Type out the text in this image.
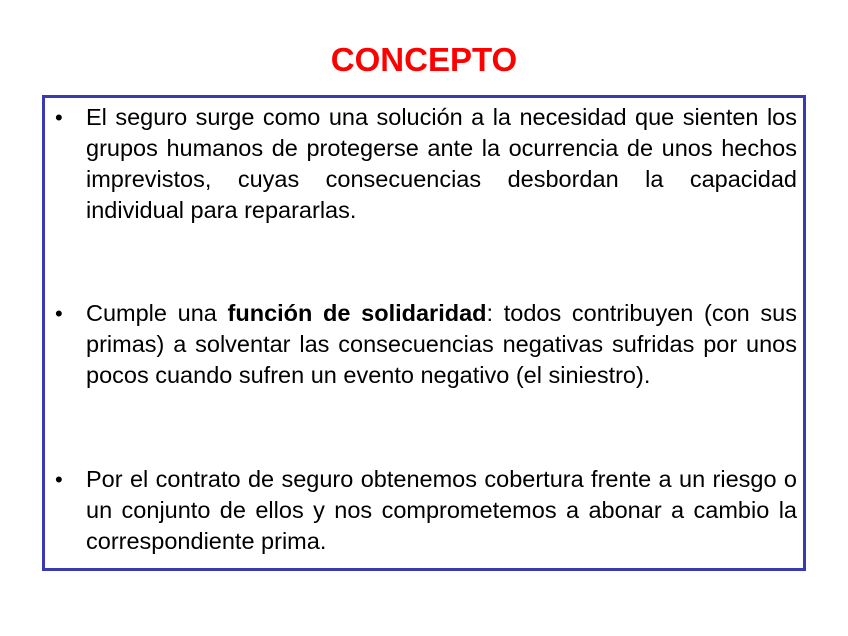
CONCEPTO
• El seguro surge como una solución a la necesidad que sienten los grupos humanos de protegerse ante la ocurrencia de unos hechos imprevistos, cuyas consecuencias desbordan la capacidad individual para repararlas.
• Cumple una función de solidaridad: todos contribuyen (con sus primas) a solventar las consecuencias negativas sufridas por unos pocos cuando sufren un evento negativo (el siniestro).
• Por el contrato de seguro obtenemos cobertura frente a un riesgo o un conjunto de ellos y nos comprometemos a abonar a cambio la correspondiente prima.
